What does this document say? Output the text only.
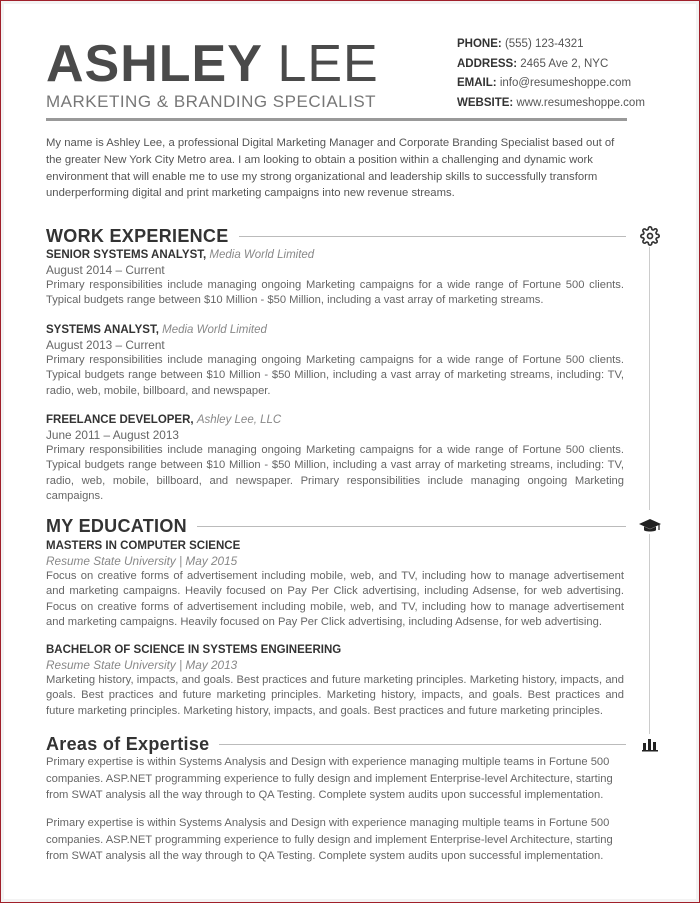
ASHLEY LEE
MARKETING & BRANDING SPECIALIST
PHONE: (555) 123-4321
ADDRESS: 2465 Ave 2, NYC
EMAIL: info@resumeshoppe.com
WEBSITE: www.resumeshoppe.com

My name is Ashley Lee, a professional Digital Marketing Manager and Corporate Branding Specialist based out of the greater New York City Metro area. I am looking to obtain a position within a challenging and dynamic work environment that will enable me to use my strong organizational and leadership skills to successfully transform underperforming digital and print marketing campaigns into new revenue streams.

WORK EXPERIENCE
SENIOR SYSTEMS ANALYST, Media World Limited
August 2014 – Current

Primary responsibilities include managing ongoing Marketing campaigns for a wide range of Fortune 500 clients. Typical budgets range between $10 Million - $50 Million, including a vast array of marketing streams.

SYSTEMS ANALYST, Media World Limited
August 2013 – Current

Primary responsibilities include managing ongoing Marketing campaigns for a wide range of Fortune 500 clients. Typical budgets range between $10 Million - $50 Million, including a vast array of marketing streams, including: TV, radio, web, mobile, billboard, and newspaper.

FREELANCE DEVELOPER, Ashley Lee, LLC
June 2011 – August 2013

Primary responsibilities include managing ongoing Marketing campaigns for a wide range of Fortune 500 clients. Typical budgets range between $10 Million - $50 Million, including a vast array of marketing streams, including: TV, radio, web, mobile, billboard, and newspaper. Primary responsibilities include managing ongoing Marketing campaigns.

MY EDUCATION
MASTERS IN COMPUTER SCIENCE
Resume State University | May 2015

Focus on creative forms of advertisement including mobile, web, and TV, including how to manage advertisement and marketing campaigns. Heavily focused on Pay Per Click advertising, including Adsense, for web advertising. Focus on creative forms of advertisement including mobile, web, and TV, including how to manage advertisement and marketing campaigns. Heavily focused on Pay Per Click advertising, including Adsense, for web advertising.

BACHELOR OF SCIENCE IN SYSTEMS ENGINEERING
Resume State University | May 2013

Marketing history, impacts, and goals. Best practices and future marketing principles. Marketing history, impacts, and goals. Best practices and future marketing principles. Marketing history, impacts, and goals. Best practices and future marketing principles. Marketing history, impacts, and goals. Best practices and future marketing principles.

Areas of Expertise

Primary expertise is within Systems Analysis and Design with experience managing multiple teams in Fortune 500 companies. ASP.NET programming experience to fully design and implement Enterprise-level Architecture, starting from SWAT analysis all the way through to QA Testing. Complete system audits upon successful implementation.

Primary expertise is within Systems Analysis and Design with experience managing multiple teams in Fortune 500 companies. ASP.NET programming experience to fully design and implement Enterprise-level Architecture, starting from SWAT analysis all the way through to QA Testing. Complete system audits upon successful implementation.
